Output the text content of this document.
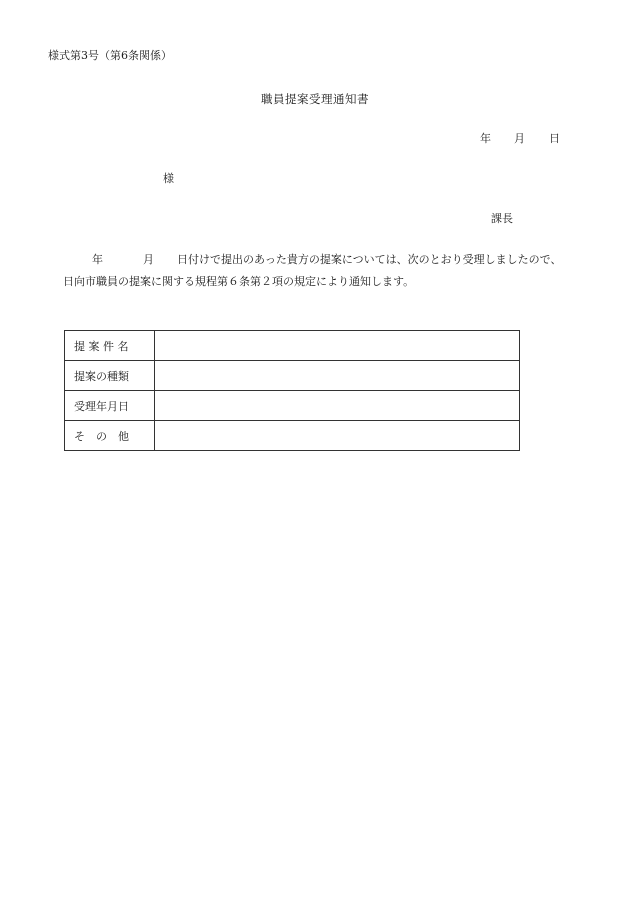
様式第3号（第6条関係）
職員提案受理通知書
年 月 日
様
課長
年	月 日付けで提出のあった貴方の提案については、次のとおり受理しましたので、
日向市職員の提案に関する規程第６条第２項の規定により通知します。
提 案 件 名	
提案の種類	
受理年月日	
そ　の　他	
